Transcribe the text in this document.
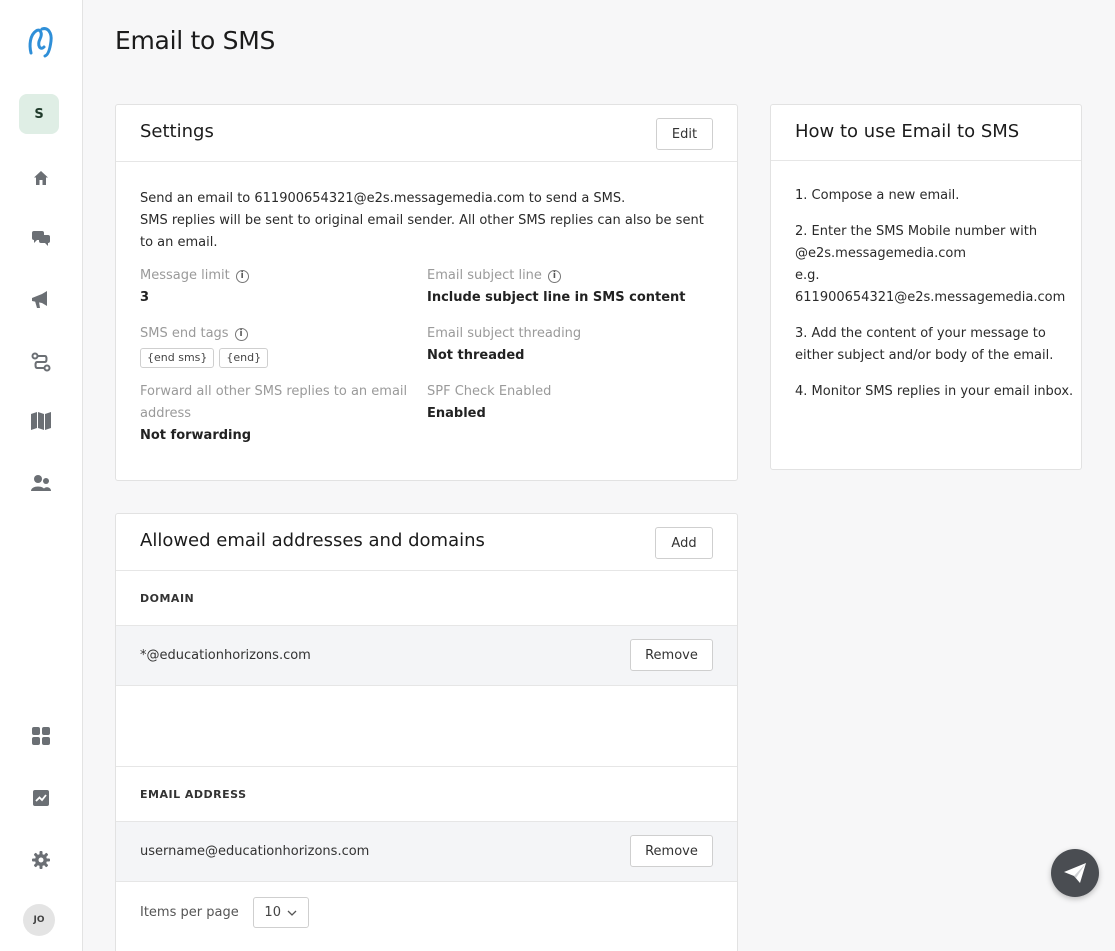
S
JO
Email to SMS
Settings	Edit
Send an email to 611900654321@e2s.messagemedia.com to send a SMS.
SMS replies will be sent to original email sender. All other SMS replies can also be sent to an email.
Message limit	i
3
SMS end tags	i
{end sms} {end}
Forward all other SMS replies to an email address
Not forwarding
Email subject line	i
Include subject line in SMS content
Email subject threading
Not threaded
SPF Check Enabled
Enabled
How to use Email to SMS

1. Compose a new email.

2. Enter the SMS Mobile number with @e2s.messagemedia.com
e.g.
611900654321@e2s.messagemedia.com

3. Add the content of your message to either subject and/or body of the email.

4. Monitor SMS replies in your email inbox.

Allowed email addresses and domains	Add
DOMAIN
*@educationhorizons.com	Remove
EMAIL ADDRESS
username@educationhorizons.com	Remove
Items per page 10
